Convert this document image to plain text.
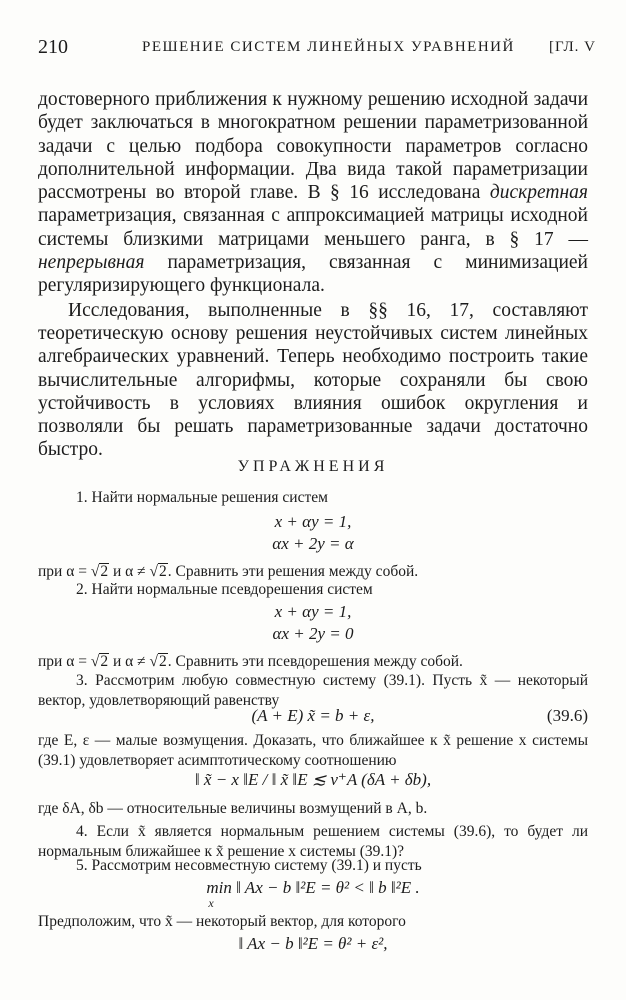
210	РЕШЕНИЕ СИСТЕМ ЛИНЕЙНЫХ УРАВНЕНИЙ [ГЛ. V

достоверного приближения к нужному решению исходной задачи будет заключаться в многократном решении параметризованной задачи с целью подбора совокупности параметров согласно дополнительной информации. Два вида такой параметризации рассмотрены во второй главе. В § 16 исследована дискретная параметризация, связанная с аппроксимацией матрицы исходной системы близкими матрицами меньшего ранга, в § 17 — непрерывная параметризация, связанная с минимизацией регуляризирующего функционала.

Исследования, выполненные в §§ 16, 17, составляют теоретическую основу решения неустойчивых систем линейных алгебраических уравнений. Теперь необходимо построить такие вычислительные алгорифмы, которые сохраняли бы свою устойчивость в условиях влияния ошибок округления и позволяли бы решать параметризованные задачи достаточно быстро.

УПРАЖНЕНИЯ

1. Найти нормальные решения систем

x + αy = 1,
αx + 2y = α

при α = √2 и α ≠ √2. Сравнить эти решения между собой.

2. Найти нормальные псевдорешения систем

x + αy = 1,
αx + 2y = 0

при α = √2 и α ≠ √2. Сравнить эти псевдорешения между собой.

3. Рассмотрим любую совместную систему (39.1). Пусть x̃ — некоторый вектор, удовлетворяющий равенству

(A + E) x̃ = b + ε,	(39.6)

где E, ε — малые возмущения. Доказать, что ближайшее к x̃ решение x системы (39.1) удовлетворяет асимптотическому соотношению

‖ x̃ − x ‖E / ‖ x̃ ‖E ≲ ν⁺A (δA + δb),

где δA, δb — относительные величины возмущений в A, b.

4. Если x̃ является нормальным решением системы (39.6), то будет ли нормальным ближайшее к x̃ решение x системы (39.1)?

5. Рассмотрим несовместную систему (39.1) и пусть

min ‖ Ax − b ‖²E = θ² < ‖ b ‖²E .
x

Предположим, что x̃ — некоторый вектор, для которого

‖ Ax − b ‖²E = θ² + ε²,
